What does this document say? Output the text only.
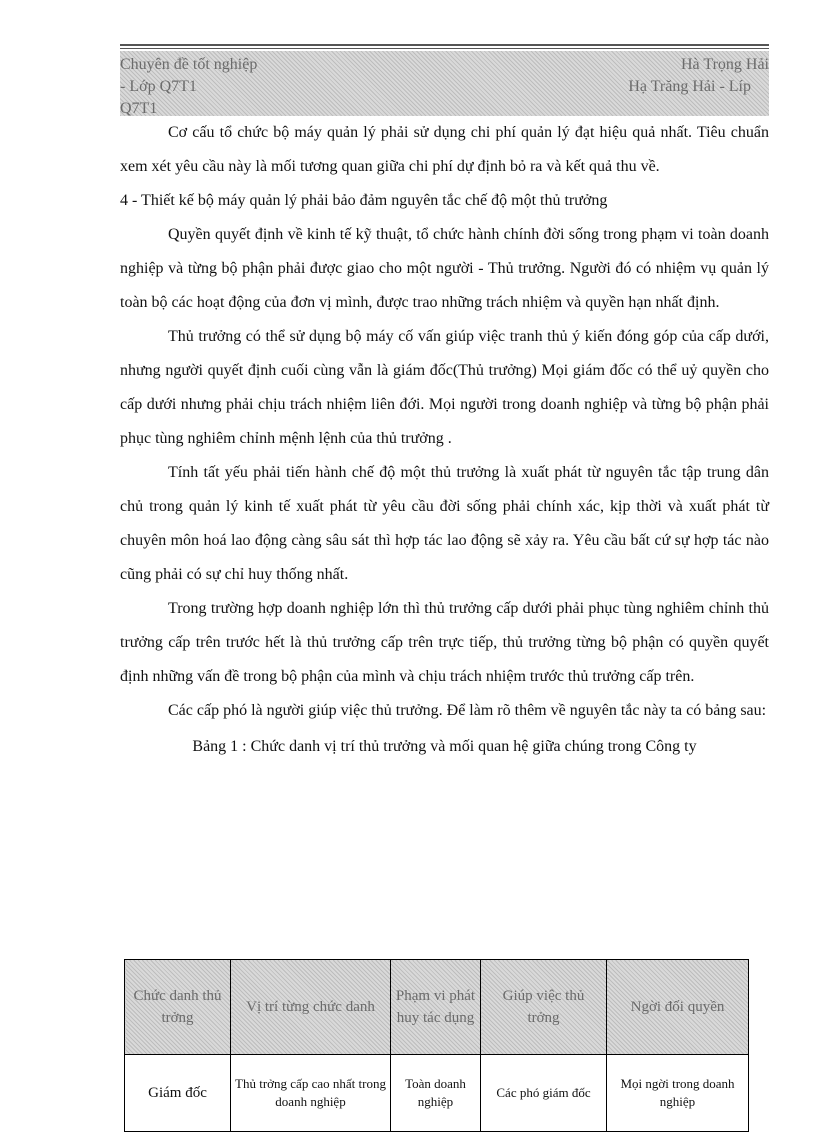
Chuyên đề tốt nghiệp
- Lớp Q7T1
Q7T1
Hà Trọng Hải
Hạ Trăng Hải - Líp

Cơ cấu tổ chức bộ máy quản lý phải sử dụng chi phí quản lý đạt hiệu quả nhất. Tiêu chuẩn xem xét yêu cầu này là mối tương quan giữa chi phí dự định bỏ ra và kết quả thu về.

4 - Thiết kế bộ máy quản lý phải bảo đảm nguyên tắc chế độ một thủ trưởng

Quyền quyết định về kinh tế kỹ thuật, tổ chức hành chính đời sống trong phạm vi toàn doanh nghiệp và từng bộ phận phải được giao cho một người - Thủ trưởng. Người đó có nhiệm vụ quản lý toàn bộ các hoạt động của đơn vị mình, được trao những trách nhiệm và quyền hạn nhất định.

Thủ trưởng có thể sử dụng bộ máy cố vấn giúp việc tranh thủ ý kiến đóng góp của cấp dưới, nhưng người quyết định cuối cùng vẫn là giám đốc(Thủ trưởng) Mọi giám đốc có thể uỷ quyền cho cấp dưới nhưng phải chịu trách nhiệm liên đới. Mọi người trong doanh nghiệp và từng bộ phận phải phục tùng nghiêm chỉnh mệnh lệnh của thủ trưởng .

Tính tất yếu phải tiến hành chế độ một thủ trưởng là xuất phát từ nguyên tắc tập trung dân chủ trong quản lý kinh tế xuất phát từ yêu cầu đời sống phải chính xác, kịp thời và xuất phát từ chuyên môn hoá lao động càng sâu sát thì hợp tác lao động sẽ xảy ra. Yêu cầu bất cứ sự hợp tác nào cũng phải có sự chỉ huy thống nhất.

Trong trường hợp doanh nghiệp lớn thì thủ trưởng cấp dưới phải phục tùng nghiêm chỉnh thủ trưởng cấp trên trước hết là thủ trưởng cấp trên trực tiếp, thủ trưởng từng bộ phận có quyền quyết định những vấn đề trong bộ phận của mình và chịu trách nhiệm trước thủ trưởng cấp trên.

Các cấp phó là người giúp việc thủ trưởng. Để làm rõ thêm về nguyên tắc này ta có bảng sau:

Bảng 1 : Chức danh vị trí thủ trưởng và mối quan hệ giữa chúng trong Công ty

Chức danh thủ trởng	Vị trí từng chức danh	Phạm vi phát huy tác dụng	Giúp việc thủ trởng	Ngời đối quyền
Giám đốc	Thủ trởng cấp cao nhất trong doanh nghiệp	Toàn doanh nghiệp	Các phó giám đốc	Mọi ngời trong doanh nghiệp
